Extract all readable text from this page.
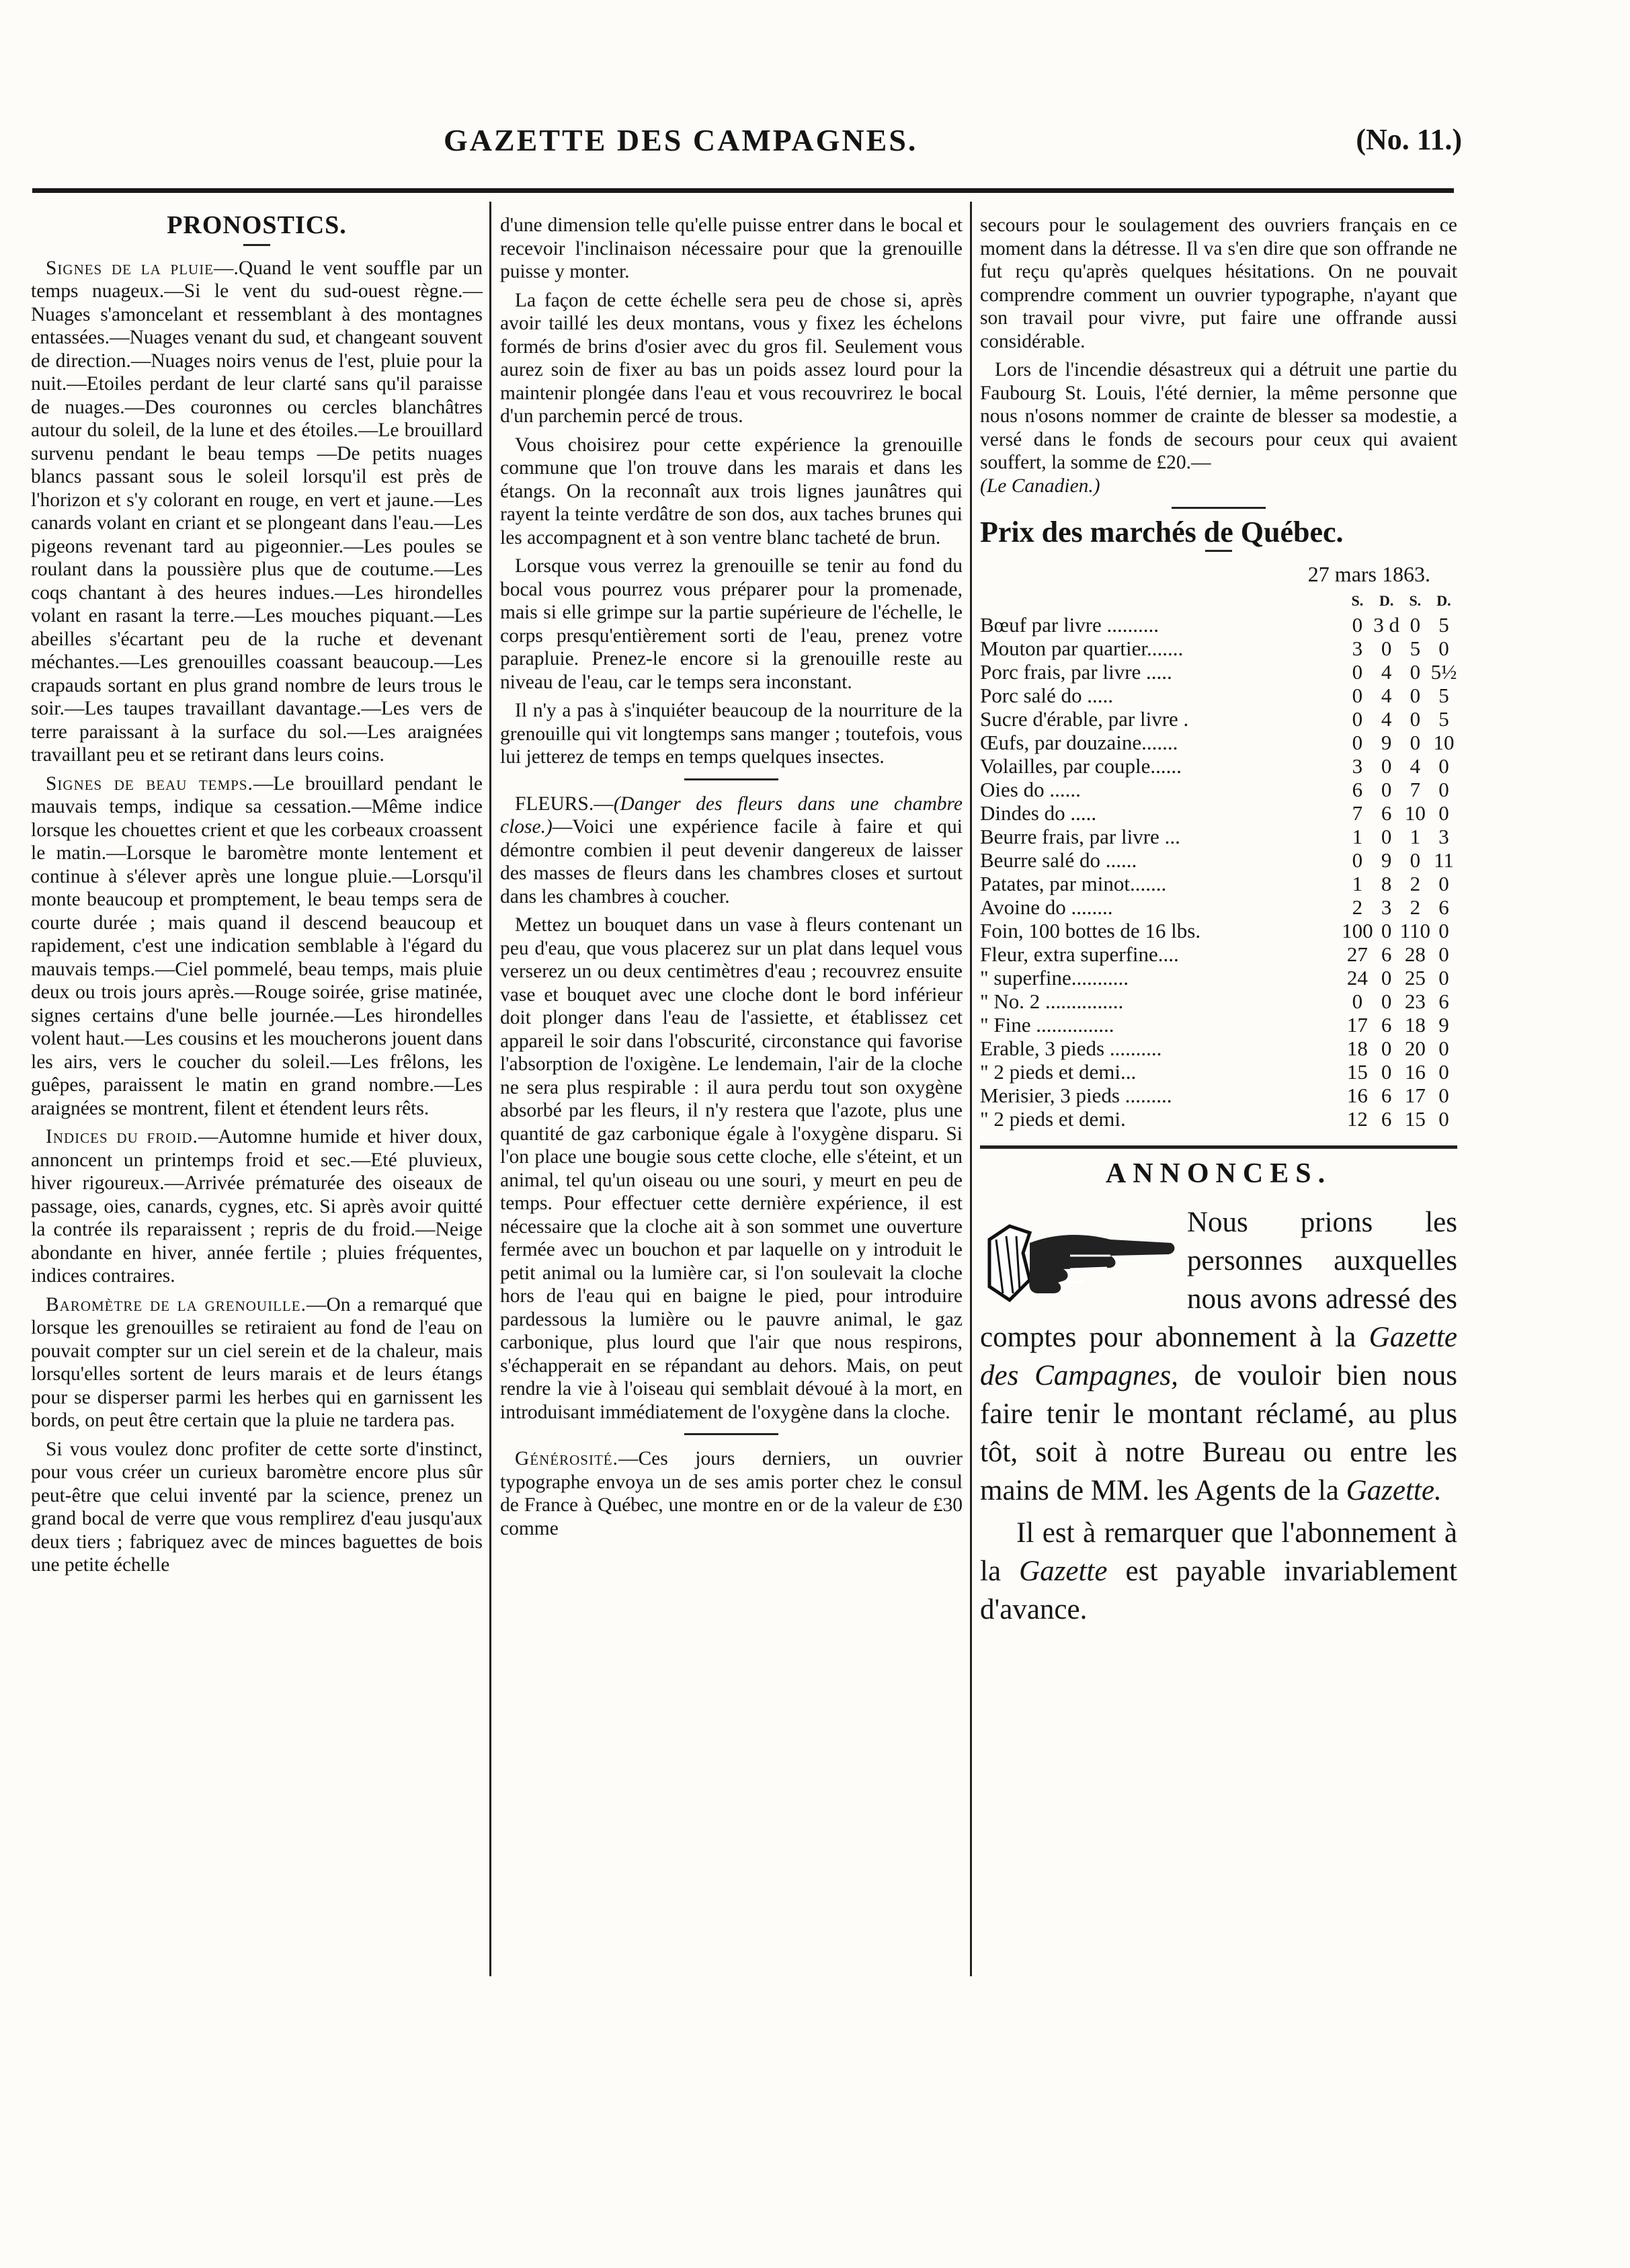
GAZETTE DES CAMPAGNES.	(No. 11.)
PRONOSTICS.

Signes de la pluie—.Quand le vent souffle par un temps nuageux.—Si le vent du sud-ouest règne.—Nuages s'amoncelant et ressemblant à des montagnes entassées.—Nuages venant du sud, et changeant souvent de direction.—Nuages noirs venus de l'est, pluie pour la nuit.—Etoiles perdant de leur clarté sans qu'il paraisse de nuages.—Des couronnes ou cercles blanchâtres autour du soleil, de la lune et des étoiles.—Le brouillard survenu pendant le beau temps —De petits nuages blancs passant sous le soleil lorsqu'il est près de l'horizon et s'y colorant en rouge, en vert et jaune.—Les canards volant en criant et se plongeant dans l'eau.—Les pigeons revenant tard au pigeonnier.—Les poules se roulant dans la poussière plus que de coutume.—Les coqs chantant à des heures indues.—Les hirondelles volant en rasant la terre.—Les mouches piquant.—Les abeilles s'écartant peu de la ruche et devenant méchantes.—Les grenouilles coassant beaucoup.—Les crapauds sortant en plus grand nombre de leurs trous le soir.—Les taupes travaillant davantage.—Les vers de terre paraissant à la surface du sol.—Les araignées travaillant peu et se retirant dans leurs coins.

Signes de beau temps.—Le brouillard pendant le mauvais temps, indique sa cessation.—Même indice lorsque les chouettes crient et que les corbeaux croassent le matin.—Lorsque le baromètre monte lentement et continue à s'élever après une longue pluie.—Lorsqu'il monte beaucoup et promptement, le beau temps sera de courte durée ; mais quand il descend beaucoup et rapidement, c'est une indication semblable à l'égard du mauvais temps.—Ciel pommelé, beau temps, mais pluie deux ou trois jours après.—Rouge soirée, grise matinée, signes certains d'une belle journée.—Les hirondelles volent haut.—Les cousins et les moucherons jouent dans les airs, vers le coucher du soleil.—Les frêlons, les guêpes, paraissent le matin en grand nombre.—Les araignées se montrent, filent et étendent leurs rêts.

Indices du froid.—Automne humide et hiver doux, annoncent un printemps froid et sec.—Eté pluvieux, hiver rigoureux.—Arrivée prématurée des oiseaux de passage, oies, canards, cygnes, etc. Si après avoir quitté la contrée ils reparaissent ; repris de du froid.—Neige abondante en hiver, année fertile ; pluies fréquentes, indices contraires.

Baromètre de la grenouille.—On a remarqué que lorsque les grenouilles se retiraient au fond de l'eau on pouvait compter sur un ciel serein et de la chaleur, mais lorsqu'elles sortent de leurs marais et de leurs étangs pour se disperser parmi les herbes qui en garnissent les bords, on peut être certain que la pluie ne tardera pas.

Si vous voulez donc profiter de cette sorte d'instinct, pour vous créer un curieux baromètre encore plus sûr peut-être que celui inventé par la science, prenez un grand bocal de verre que vous remplirez d'eau jusqu'aux deux tiers ; fabriquez avec de minces baguettes de bois une petite échelle

d'une dimension telle qu'elle puisse entrer dans le bocal et recevoir l'inclinaison nécessaire pour que la grenouille puisse y monter.

La façon de cette échelle sera peu de chose si, après avoir taillé les deux montans, vous y fixez les échelons formés de brins d'osier avec du gros fil. Seulement vous aurez soin de fixer au bas un poids assez lourd pour la maintenir plongée dans l'eau et vous recouvrirez le bocal d'un parchemin percé de trous.

Vous choisirez pour cette expérience la grenouille commune que l'on trouve dans les marais et dans les étangs. On la reconnaît aux trois lignes jaunâtres qui rayent la teinte verdâtre de son dos, aux taches brunes qui les accompagnent et à son ventre blanc tacheté de brun.

Lorsque vous verrez la grenouille se tenir au fond du bocal vous pourrez vous préparer pour la promenade, mais si elle grimpe sur la partie supérieure de l'échelle, le corps presqu'entièrement sorti de l'eau, prenez votre parapluie. Prenez-le encore si la grenouille reste au niveau de l'eau, car le temps sera inconstant.

Il n'y a pas à s'inquiéter beaucoup de la nourriture de la grenouille qui vit longtemps sans manger ; toutefois, vous lui jetterez de temps en temps quelques insectes.

FLEURS.—(Danger des fleurs dans une chambre close.)—Voici une expérience facile à faire et qui démontre combien il peut devenir dangereux de laisser des masses de fleurs dans les chambres closes et surtout dans les chambres à coucher.

Mettez un bouquet dans un vase à fleurs contenant un peu d'eau, que vous placerez sur un plat dans lequel vous verserez un ou deux centimètres d'eau ; recouvrez ensuite vase et bouquet avec une cloche dont le bord inférieur doit plonger dans l'eau de l'assiette, et établissez cet appareil le soir dans l'obscurité, circonstance qui favorise l'absorption de l'oxigène. Le lendemain, l'air de la cloche ne sera plus respirable : il aura perdu tout son oxygène absorbé par les fleurs, il n'y restera que l'azote, plus une quantité de gaz carbonique égale à l'oxygène disparu. Si l'on place une bougie sous cette cloche, elle s'éteint, et un animal, tel qu'un oiseau ou une souri, y meurt en peu de temps. Pour effectuer cette dernière expérience, il est nécessaire que la cloche ait à son sommet une ouverture fermée avec un bouchon et par laquelle on y introduit le petit animal ou la lumière car, si l'on soulevait la cloche hors de l'eau qui en baigne le pied, pour introduire pardessous la lumière ou le pauvre animal, le gaz carbonique, plus lourd que l'air que nous respirons, s'échapperait en se répandant au dehors. Mais, on peut rendre la vie à l'oiseau qui semblait dévoué à la mort, en introduisant immédiatement de l'oxygène dans la cloche.

Générosité.—Ces jours derniers, un ouvrier typographe envoya un de ses amis porter chez le consul de France à Québec, une montre en or de la valeur de £30 comme

secours pour le soulagement des ouvriers français en ce moment dans la détresse. Il va s'en dire que son offrande ne fut reçu qu'après quelques hésitations. On ne pouvait comprendre comment un ouvrier typographe, n'ayant que son travail pour vivre, put faire une offrande aussi considérable.

Lors de l'incendie désastreux qui a détruit une partie du Faubourg St. Louis, l'été dernier, la même personne que nous n'osons nommer de crainte de blesser sa modestie, a versé dans le fonds de secours pour ceux qui avaient souffert, la somme de £20.—
(Le Canadien.)

Prix des marchés de Québec.
27 mars 1863.
	S.	D.	S.	D.
Bœuf par livre ..........	0	3 d	0	5
Mouton par quartier.......	3	0	5	0
Porc frais, par livre .....	0	4	0	5½
Porc salé do .....	0	4	0	5
Sucre d'érable, par livre .	0	4	0	5
Œufs, par douzaine.......	0	9	0	10
Volailles, par couple......	3	0	4	0
Oies do ......	6	0	7	0
Dindes do .....	7	6	10	0
Beurre frais, par livre ...	1	0	1	3
Beurre salé do ......	0	9	0	11
Patates, par minot.......	1	8	2	0
Avoine do ........	2	3	2	6
Foin, 100 bottes de 16 lbs.	100	0	110	0
Fleur, extra superfine....	27	6	28	0
" superfine...........	24	0	25	0
" No. 2 ...............	0	0	23	6
" Fine ...............	17	6	18	9
Erable, 3 pieds ..........	18	0	20	0
" 2 pieds et demi...	15	0	16	0
Merisier, 3 pieds .........	16	6	17	0
" 2 pieds et demi.	12	6	15	0
ANNONCES.

Nous prions les personnes auxquelles nous avons adressé des comptes pour abonnement à la Gazette des Campagnes, de vouloir bien nous faire tenir le montant réclamé, au plus tôt, soit à notre Bureau ou entre les mains de MM. les Agents de la Gazette.

Il est à remarquer que l'abonnement à la Gazette est payable invariablement d'avance.
